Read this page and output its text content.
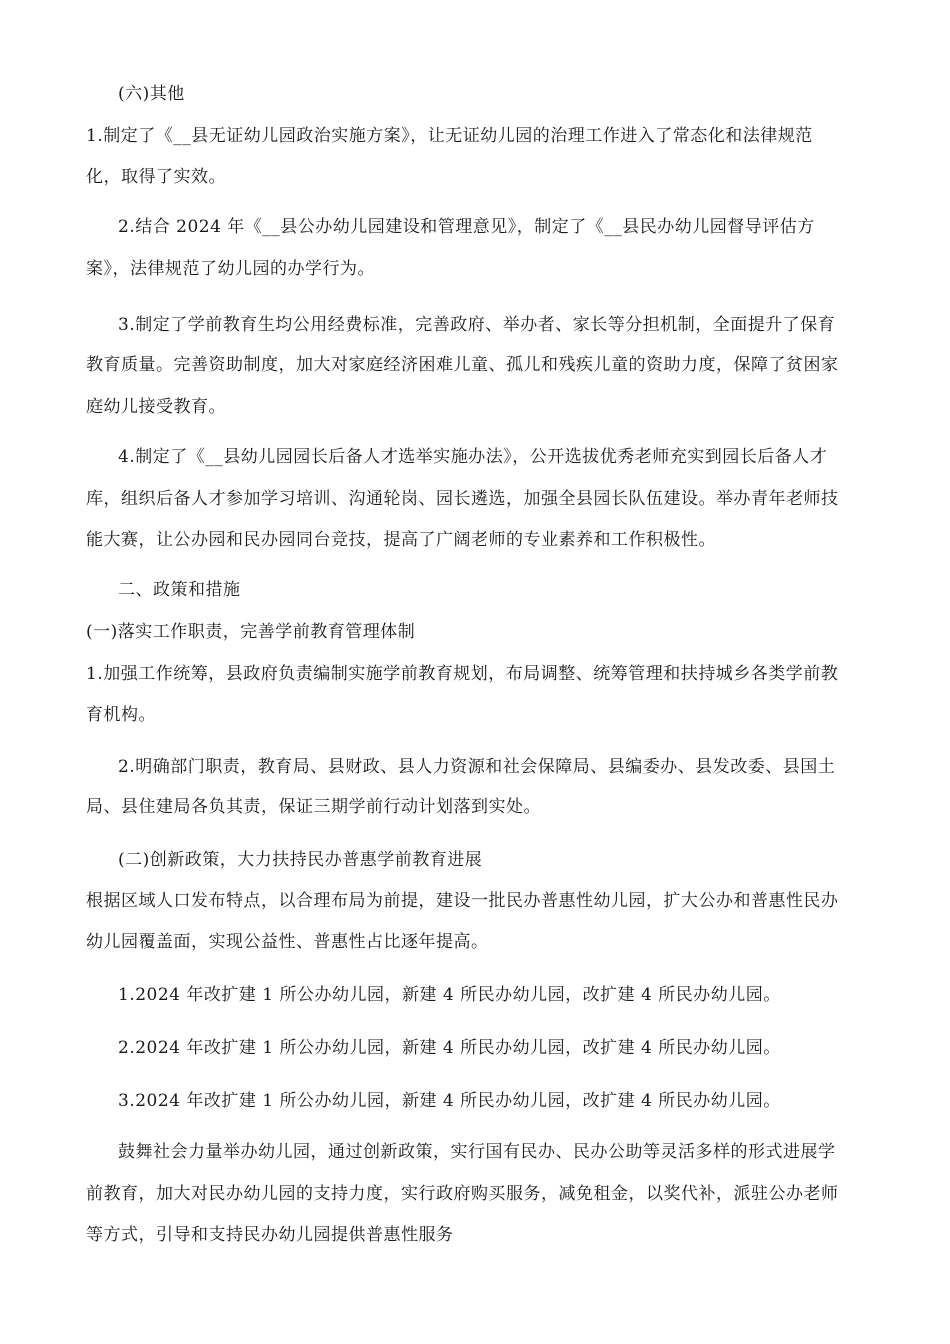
(六)其他
1.制定了《__县无证幼儿园政治实施方案》，让无证幼儿园的治理工作进入了常态化和法律规范
化，取得了实效。
2.结合 2024 年《__县公办幼儿园建设和管理意见》，制定了《__县民办幼儿园督导评估方
案》，法律规范了幼儿园的办学行为。
3.制定了学前教育生均公用经费标准，完善政府、举办者、家长等分担机制，全面提升了保育
教育质量。完善资助制度，加大对家庭经济困难儿童、孤儿和残疾儿童的资助力度，保障了贫困家
庭幼儿接受教育。
4.制定了《__县幼儿园园长后备人才选举实施办法》，公开选拔优秀老师充实到园长后备人才
库，组织后备人才参加学习培训、沟通轮岗、园长遴选，加强全县园长队伍建设。举办青年老师技
能大赛，让公办园和民办园同台竞技，提高了广阔老师的专业素养和工作积极性。
二、政策和措施
(一)落实工作职责，完善学前教育管理体制
1.加强工作统筹，县政府负责编制实施学前教育规划，布局调整、统筹管理和扶持城乡各类学前教
育机构。
2.明确部门职责，教育局、县财政、县人力资源和社会保障局、县编委办、县发改委、县国土
局、县住建局各负其责，保证三期学前行动计划落到实处。
(二)创新政策，大力扶持民办普惠学前教育进展
根据区域人口发布特点，以合理布局为前提，建设一批民办普惠性幼儿园，扩大公办和普惠性民办
幼儿园覆盖面，实现公益性、普惠性占比逐年提高。
1.2024 年改扩建 1 所公办幼儿园，新建 4 所民办幼儿园，改扩建 4 所民办幼儿园。
2.2024 年改扩建 1 所公办幼儿园，新建 4 所民办幼儿园，改扩建 4 所民办幼儿园。
3.2024 年改扩建 1 所公办幼儿园，新建 4 所民办幼儿园，改扩建 4 所民办幼儿园。
鼓舞社会力量举办幼儿园，通过创新政策，实行国有民办、民办公助等灵活多样的形式进展学
前教育，加大对民办幼儿园的支持力度，实行政府购买服务，减免租金，以奖代补，派驻公办老师
等方式，引导和支持民办幼儿园提供普惠性服务
